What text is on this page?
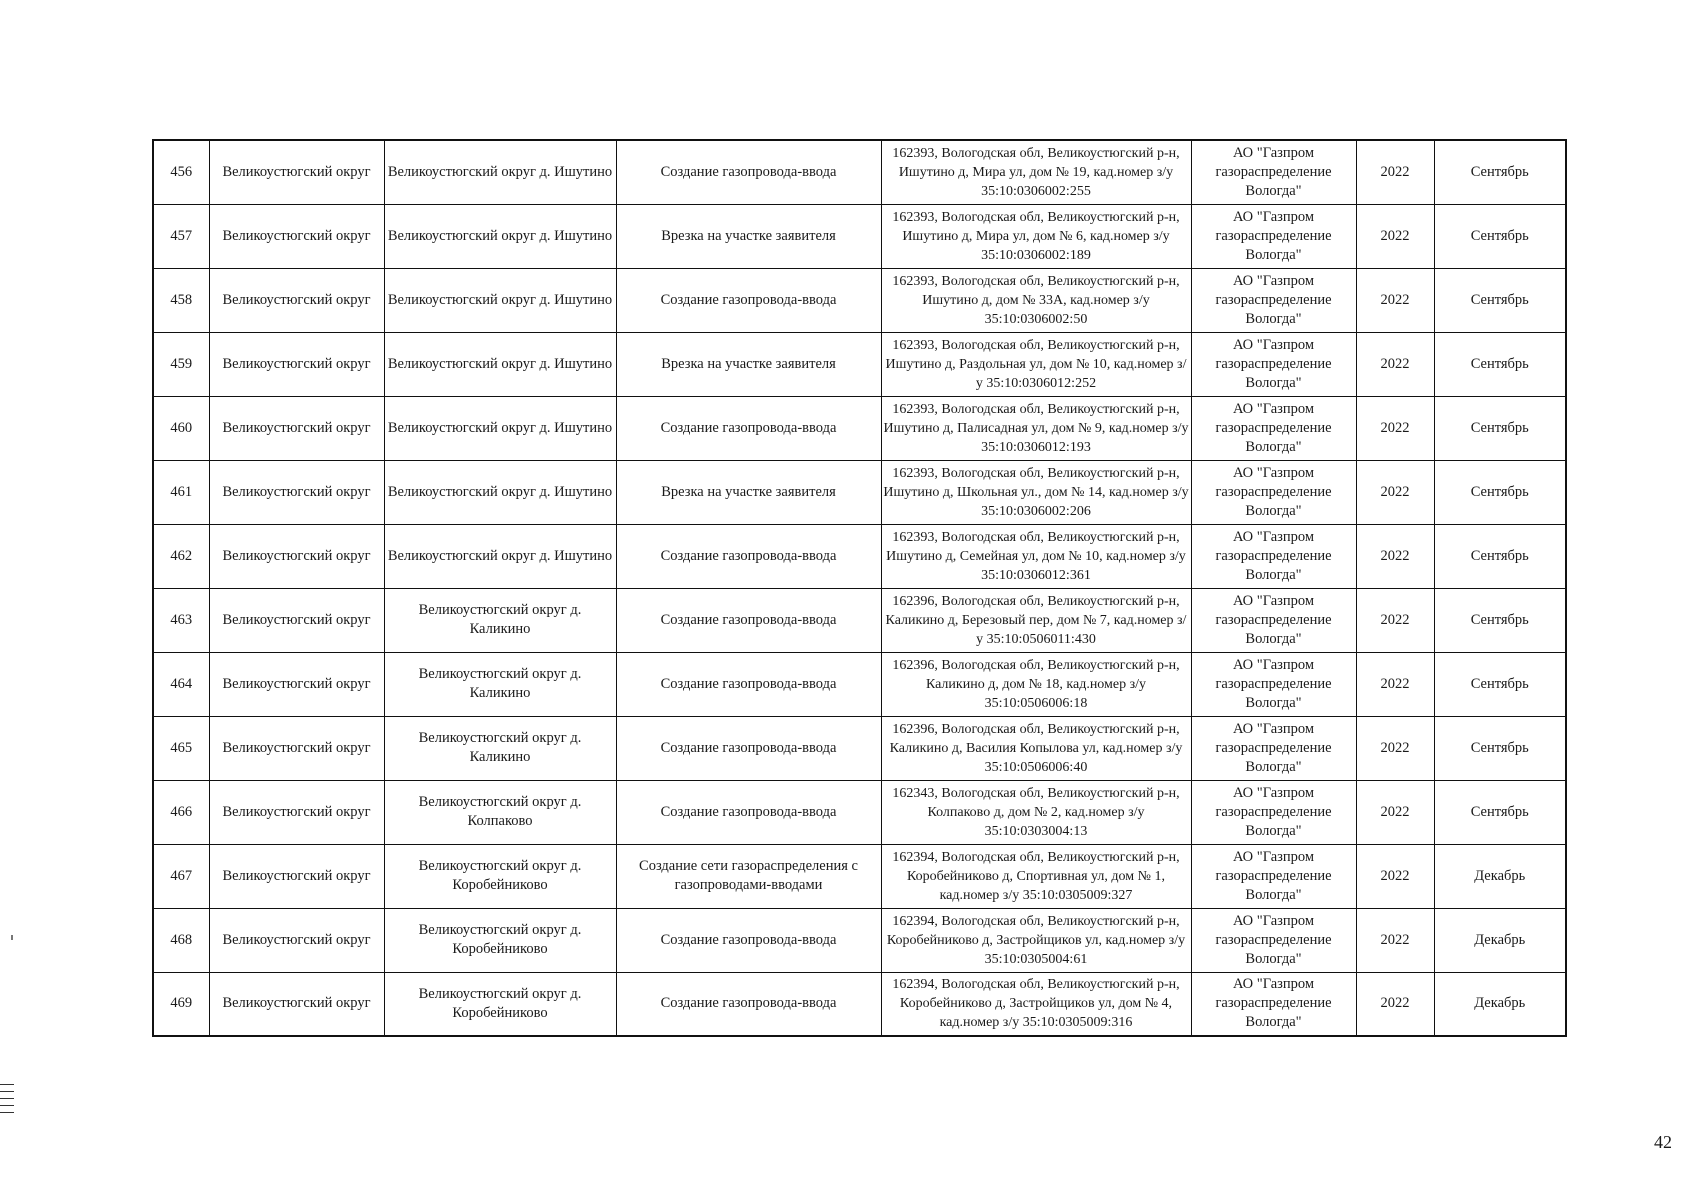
456	Великоустюгский округ	Великоустюгский округ д. Ишутино	Создание газопровода-ввода	162393, Вологодская обл, Великоустюгский р-н, Ишутино д, Мира ул, дом № 19, кад.номер з/у 35:10:0306002:255	АО "Газпром газораспределение Вологда"	2022	Сентябрь
457	Великоустюгский округ	Великоустюгский округ д. Ишутино	Врезка на участке заявителя	162393, Вологодская обл, Великоустюгский р-н, Ишутино д, Мира ул, дом № 6, кад.номер з/у 35:10:0306002:189	АО "Газпром газораспределение Вологда"	2022	Сентябрь
458	Великоустюгский округ	Великоустюгский округ д. Ишутино	Создание газопровода-ввода	162393, Вологодская обл, Великоустюгский р-н, Ишутино д, дом № 33А, кад.номер з/у 35:10:0306002:50	АО "Газпром газораспределение Вологда"	2022	Сентябрь
459	Великоустюгский округ	Великоустюгский округ д. Ишутино	Врезка на участке заявителя	162393, Вологодская обл, Великоустюгский р-н, Ишутино д, Раздольная ул, дом № 10, кад.номер з/у 35:10:0306012:252	АО "Газпром газораспределение Вологда"	2022	Сентябрь
460	Великоустюгский округ	Великоустюгский округ д. Ишутино	Создание газопровода-ввода	162393, Вологодская обл, Великоустюгский р-н, Ишутино д, Палисадная ул, дом № 9, кад.номер з/у 35:10:0306012:193	АО "Газпром газораспределение Вологда"	2022	Сентябрь
461	Великоустюгский округ	Великоустюгский округ д. Ишутино	Врезка на участке заявителя	162393, Вологодская обл, Великоустюгский р-н, Ишутино д, Школьная ул., дом № 14, кад.номер з/у 35:10:0306002:206	АО "Газпром газораспределение Вологда"	2022	Сентябрь
462	Великоустюгский округ	Великоустюгский округ д. Ишутино	Создание газопровода-ввода	162393, Вологодская обл, Великоустюгский р-н, Ишутино д, Семейная ул, дом № 10, кад.номер з/у 35:10:0306012:361	АО "Газпром газораспределение Вологда"	2022	Сентябрь
463	Великоустюгский округ	Великоустюгский округ д. Каликино	Создание газопровода-ввода	162396, Вологодская обл, Великоустюгский р-н, Каликино д, Березовый пер, дом № 7, кад.номер з/у 35:10:0506011:430	АО "Газпром газораспределение Вологда"	2022	Сентябрь
464	Великоустюгский округ	Великоустюгский округ д. Каликино	Создание газопровода-ввода	162396, Вологодская обл, Великоустюгский р-н, Каликино д, дом № 18, кад.номер з/у 35:10:0506006:18	АО "Газпром газораспределение Вологда"	2022	Сентябрь
465	Великоустюгский округ	Великоустюгский округ д. Каликино	Создание газопровода-ввода	162396, Вологодская обл, Великоустюгский р-н, Каликино д, Василия Копылова ул, кад.номер з/у 35:10:0506006:40	АО "Газпром газораспределение Вологда"	2022	Сентябрь
466	Великоустюгский округ	Великоустюгский округ д. Колпаково	Создание газопровода-ввода	162343, Вологодская обл, Великоустюгский р-н, Колпаково д, дом № 2, кад.номер з/у 35:10:0303004:13	АО "Газпром газораспределение Вологда"	2022	Сентябрь
467	Великоустюгский округ	Великоустюгский округ д. Коробейниково	Создание сети газораспределения с газопроводами-вводами	162394, Вологодская обл, Великоустюгский р-н, Коробейниково д, Спортивная ул, дом № 1, кад.номер з/у 35:10:0305009:327	АО "Газпром газораспределение Вологда"	2022	Декабрь
468	Великоустюгский округ	Великоустюгский округ д. Коробейниково	Создание газопровода-ввода	162394, Вологодская обл, Великоустюгский р-н, Коробейниково д, Застройщиков ул, кад.номер з/у 35:10:0305004:61	АО "Газпром газораспределение Вологда"	2022	Декабрь
469	Великоустюгский округ	Великоустюгский округ д. Коробейниково	Создание газопровода-ввода	162394, Вологодская обл, Великоустюгский р-н, Коробейниково д, Застройщиков ул, дом № 4, кад.номер з/у 35:10:0305009:316	АО "Газпром газораспределение Вологда"	2022	Декабрь
42
